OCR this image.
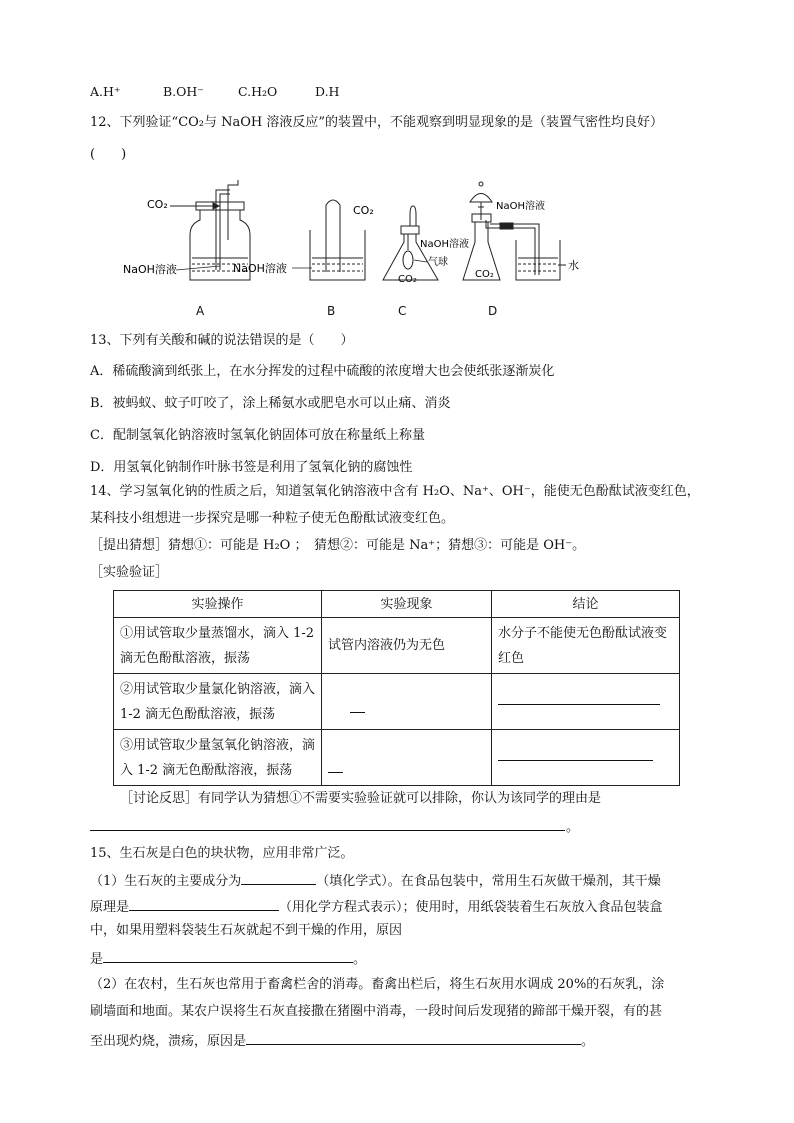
A.H⁺	B.OH⁻	C.H₂O	D.H
12、下列验证“CO₂与 NaOH 溶液反应”的装置中，不能观察到明显现象的是（装置气密性均良好）
(　　)
CO₂
NaOH溶液	NaOH溶液
CO₂
NaOH溶液
气球
CO₂
NaOH溶液
CO₂
水
A	B	C	D
13、下列有关酸和碱的说法错误的是（　　）
A．稀硫酸滴到纸张上，在水分挥发的过程中硫酸的浓度增大也会使纸张逐渐炭化
B．被蚂蚁、蚊子叮咬了，涂上稀氨水或肥皂水可以止痛、消炎
C．配制氢氧化钠溶液时氢氧化钠固体可放在称量纸上称量
D．用氢氧化钠制作叶脉书签是利用了氢氧化钠的腐蚀性
14、学习氢氧化钠的性质之后，知道氢氧化钠溶液中含有 H₂O、Na⁺、OH⁻，能使无色酚酞试液变红色，
某科技小组想进一步探究是哪一种粒子使无色酚酞试液变红色。
［提出猜想］猜想①：可能是 H₂O ；　猜想②：可能是 Na⁺；猜想③：可能是 OH⁻。
［实验验证］
实验操作	实验现象	结论
①用试管取少量蒸馏水，滴入 1-2 滴无色酚酞溶液，振荡	试管内溶液仍为无色	水分子不能使无色酚酞试液变红色
②用试管取少量氯化钠溶液，滴入 1-2 滴无色酚酞溶液，振荡		
③用试管取少量氢氧化钠溶液，滴入 1-2 滴无色酚酞溶液，振荡		
［讨论反思］有同学认为猜想①不需要实验验证就可以排除，你认为该同学的理由是
。
15、生石灰是白色的块状物，应用非常广泛。
（1）生石灰的主要成分为	（填化学式）。在食品包装中，常用生石灰做干燥剂，其干燥
原理是	（用化学方程式表示）；使用时，用纸袋装着生石灰放入食品包装盒
中，如果用塑料袋装生石灰就起不到干燥的作用，原因
是	。
（2）在农村，生石灰也常用于畜禽栏舍的消毒。畜禽出栏后，将生石灰用水调成 20%的石灰乳，涂
刷墙面和地面。某农户误将生石灰直接撒在猪圈中消毒，一段时间后发现猪的蹄部干燥开裂，有的甚
至出现灼烧，溃疡，原因是	。
